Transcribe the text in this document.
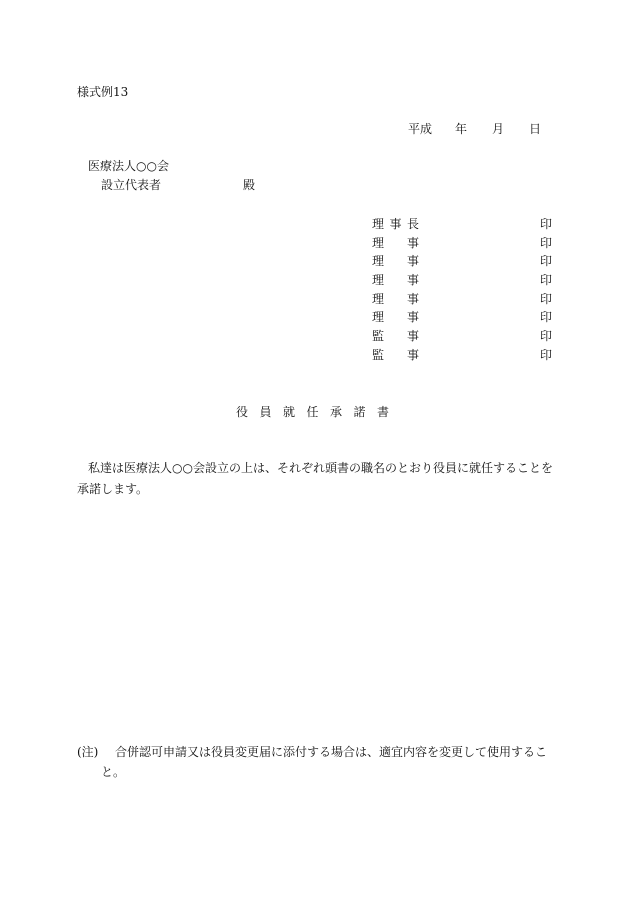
様式例13
平成 年 月 日
医療法人○○会
設立代表者	殿
理事長	印
理事	印
理事	印
理事	印
理事	印
理事	印
監事	印
監事	印
役員就任承諾書
私達は医療法人○○会設立の上は、それぞれ頭書の職名のとおり役員に就任することを
承諾します。
(注) 合併認可申請又は役員変更届に添付する場合は、適宜内容を変更して使用するこ
と。
